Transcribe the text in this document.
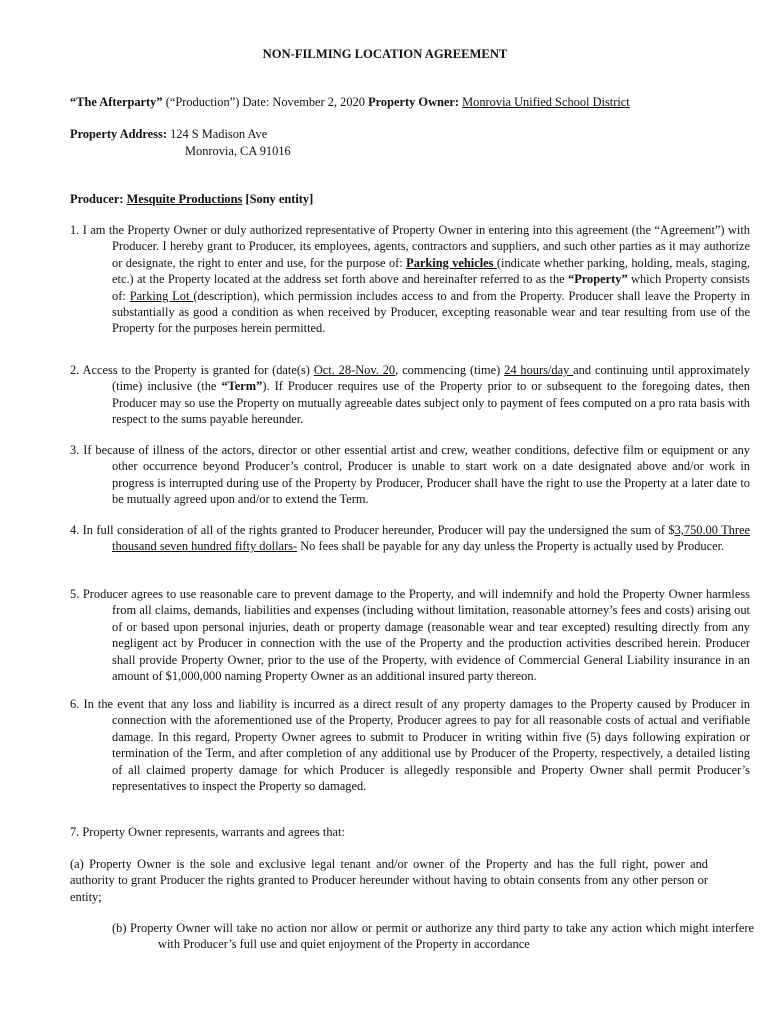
NON-FILMING LOCATION AGREEMENT
“The Afterparty” (“Production”) Date: November 2, 2020 Property Owner: Monrovia Unified School District
Property Address: 124 S Madison Ave
Monrovia, CA 91016
Producer: Mesquite Productions [Sony entity]
1. I am the Property Owner or duly authorized representative of Property Owner in entering into this agreement (the “Agreement”) with Producer. I hereby grant to Producer, its employees, agents, contractors and suppliers, and such other parties as it may authorize or designate, the right to enter and use, for the purpose of: Parking vehicles (indicate whether parking, holding, meals, staging, etc.) at the Property located at the address set forth above and hereinafter referred to as the “Property” which Property consists of: Parking Lot (description), which permission includes access to and from the Property. Producer shall leave the Property in substantially as good a condition as when received by Producer, excepting reasonable wear and tear resulting from use of the Property for the purposes herein permitted.
2. Access to the Property is granted for (date(s) Oct. 28-Nov. 20, commencing (time) 24 hours/day and continuing until approximately (time) inclusive (the “Term”). If Producer requires use of the Property prior to or subsequent to the foregoing dates, then Producer may so use the Property on mutually agreeable dates subject only to payment of fees computed on a pro rata basis with respect to the sums payable hereunder.
3. If because of illness of the actors, director or other essential artist and crew, weather conditions, defective film or equipment or any other occurrence beyond Producer’s control, Producer is unable to start work on a date designated above and/or work in progress is interrupted during use of the Property by Producer, Producer shall have the right to use the Property at a later date to be mutually agreed upon and/or to extend the Term.
4. In full consideration of all of the rights granted to Producer hereunder, Producer will pay the undersigned the sum of $3,750.00 Three thousand seven hundred fifty dollars- No fees shall be payable for any day unless the Property is actually used by Producer.
5. Producer agrees to use reasonable care to prevent damage to the Property, and will indemnify and hold the Property Owner harmless from all claims, demands, liabilities and expenses (including without limitation, reasonable attorney’s fees and costs) arising out of or based upon personal injuries, death or property damage (reasonable wear and tear excepted) resulting directly from any negligent act by Producer in connection with the use of the Property and the production activities described herein. Producer shall provide Property Owner, prior to the use of the Property, with evidence of Commercial General Liability insurance in an amount of $1,000,000 naming Property Owner as an additional insured party thereon.
6. In the event that any loss and liability is incurred as a direct result of any property damages to the Property caused by Producer in connection with the aforementioned use of the Property, Producer agrees to pay for all reasonable costs of actual and verifiable damage. In this regard, Property Owner agrees to submit to Producer in writing within five (5) days following expiration or termination of the Term, and after completion of any additional use by Producer of the Property, respectively, a detailed listing of all claimed property damage for which Producer is allegedly responsible and Property Owner shall permit Producer’s representatives to inspect the Property so damaged.
7. Property Owner represents, warrants and agrees that:
(a) Property Owner is the sole and exclusive legal tenant and/or owner of the Property and has the full right, power and authority to grant Producer the rights granted to Producer hereunder without having to obtain consents from any other person or entity;
(b) Property Owner will take no action nor allow or permit or authorize any third party to take any action which might interfere with Producer’s full use and quiet enjoyment of the Property in accordance
